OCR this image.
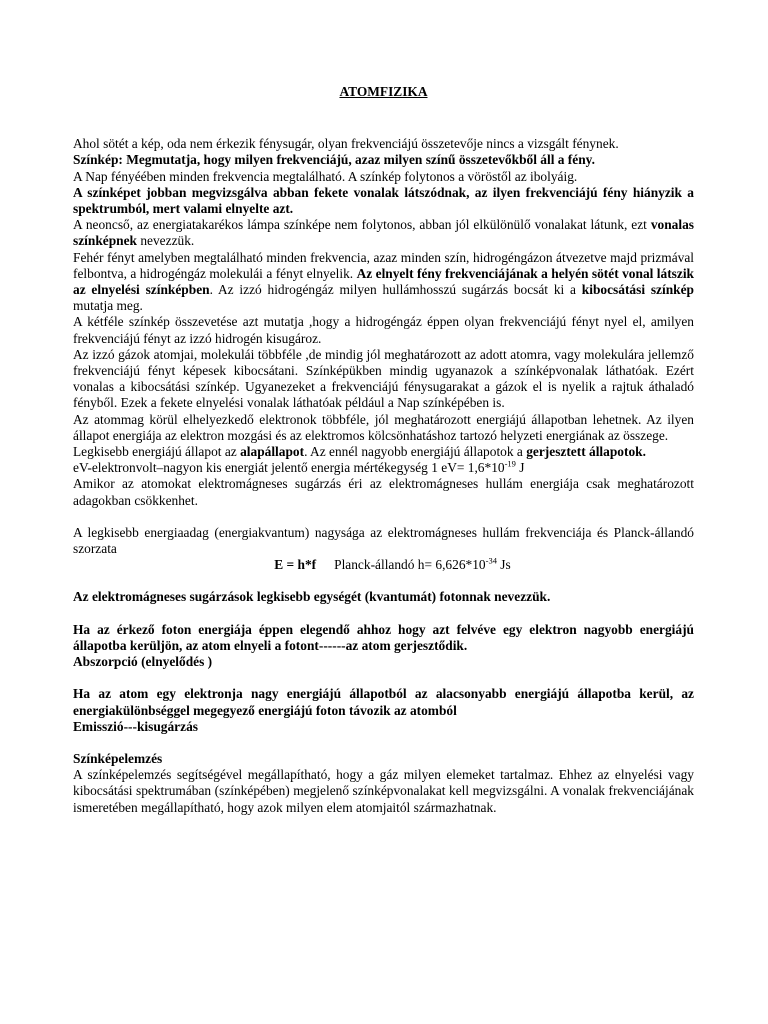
ATOMFIZIKA

Ahol sötét a kép, oda nem érkezik fénysugár, olyan frekvenciájú összetevője nincs a vizsgált fénynek.

Színkép: Megmutatja, hogy milyen frekvenciájú, azaz milyen színű összetevőkből áll a fény.

A Nap fényéében minden frekvencia megtalálható. A színkép folytonos a vöröstől az ibolyáig.

A színképet jobban megvizsgálva abban fekete vonalak látszódnak, az ilyen frekvenciájú fény hiányzik a spektrumból, mert valami elnyelte azt.

A neoncső, az energiatakarékos lámpa színképe nem folytonos, abban jól elkülönülő vonalakat látunk, ezt vonalas színképnek nevezzük.

Fehér fényt amelyben megtalálható minden frekvencia, azaz minden szín, hidrogéngázon átvezetve majd prizmával felbontva, a hidrogéngáz molekulái a fényt elnyelik. Az elnyelt fény frekvenciájának a helyén sötét vonal látszik az elnyelési színképben. Az izzó hidrogéngáz milyen hullámhosszú sugárzás bocsát ki a kibocsátási színkép mutatja meg.

A kétféle színkép összevetése azt mutatja ,hogy a hidrogéngáz éppen olyan frekvenciájú fényt nyel el, amilyen frekvenciájú fényt az izzó hidrogén kisugároz.

Az izzó gázok atomjai, molekulái többféle ,de mindig jól meghatározott az adott atomra, vagy molekulára jellemző frekvenciájú fényt képesek kibocsátani. Színképükben mindig ugyanazok a színképvonalak láthatóak. Ezért vonalas a kibocsátási színkép. Ugyanezeket a frekvenciájú fénysugarakat a gázok el is nyelik a rajtuk áthaladó fényből. Ezek a fekete elnyelési vonalak láthatóak például a Nap színképében is.

Az atommag körül elhelyezkedő elektronok többféle, jól meghatározott energiájú állapotban lehetnek. Az ilyen állapot energiája az elektron mozgási és az elektromos kölcsönhatáshoz tartozó helyzeti energiának az összege.

Legkisebb energiájú állapot az alapállapot. Az ennél nagyobb energiájú állapotok a gerjesztett állapotok.

eV-elektronvolt–nagyon kis energiát jelentő energia mértékegység 1 $eV= 1,6*10^{-19}$ J

Amikor az atomokat elektromágneses sugárzás éri az elektromágneses hullám energiája csak meghatározott adagokban csökkenhet.

A legkisebb energiaadag (energiakvantum) nagysága az elektromágneses hullám frekvenciája és Planck-állandó szorzata

E = h*f Planck-állandó $h= 6,626*10^{-34}$ Js

Az elektromágneses sugárzások legkisebb egységét (kvantumát) fotonnak nevezzük.

Ha az érkező foton energiája éppen elegendő ahhoz hogy azt felvéve egy elektron nagyobb energiájú állapotba kerüljön, az atom elnyeli a fotont------az atom gerjesztődik.

Abszorpció (elnyelődés )

Ha az atom egy elektronja nagy energiájú állapotból az alacsonyabb energiájú állapotba kerül, az energiakülönbséggel megegyező energiájú foton távozik az atomból

Emisszió---kisugárzás

Színképelemzés

A színképelemzés segítségével megállapítható, hogy a gáz milyen elemeket tartalmaz. Ehhez az elnyelési vagy kibocsátási spektrumában (színképében) megjelenő színképvonalakat kell megvizsgálni. A vonalak frekvenciájának ismeretében megállapítható, hogy azok milyen elem atomjaitól származhatnak.
